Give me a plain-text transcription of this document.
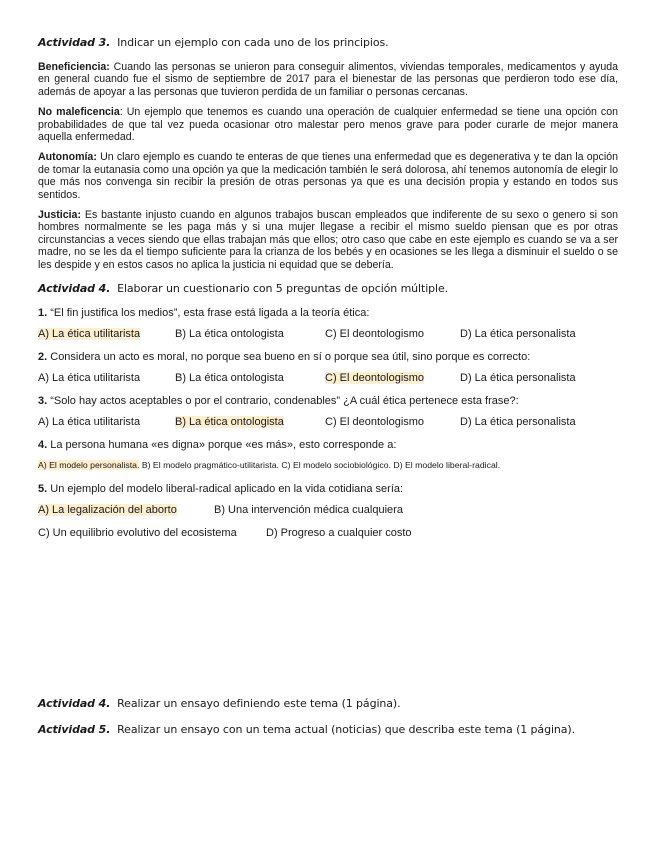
Actividad 3. Indicar un ejemplo con cada uno de los principios.

Beneficiencia: Cuando las personas se unieron para conseguir alimentos, viviendas temporales, medicamentos y ayuda en general cuando fue el sismo de septiembre de 2017 para el bienestar de las personas que perdieron todo ese día, además de apoyar a las personas que tuvieron perdida de un familiar o personas cercanas.

No maleficencia: Un ejemplo que tenemos es cuando una operación de cualquier enfermedad se tiene una opción con probabilidades de que tal vez pueda ocasionar otro malestar pero menos grave para poder curarle de mejor manera aquella enfermedad.

Autonomía: Un claro ejemplo es cuando te enteras de que tienes una enfermedad que es degenerativa y te dan la opción de tomar la eutanasia como una opción ya que la medicación también le será dolorosa, ahí tenemos autonomía de elegir lo que más nos convenga sin recibir la presión de otras personas ya que es una decisión propia y estando en todos sus sentidos.

Justicia: Es bastante injusto cuando en algunos trabajos buscan empleados que indiferente de su sexo o genero si son hombres normalmente se les paga más y si una mujer llegase a recibir el mismo sueldo piensan que es por otras circunstancias a veces siendo que ellas trabajan más que ellos; otro caso que cabe en este ejemplo es cuando se va a ser madre, no se les da el tiempo suficiente para la crianza de los bebés y en ocasiones se les llega a disminuir el sueldo o se les despide y en estos casos no aplica la justicia ni equidad que se debería.

Actividad 4. Elaborar un cuestionario con 5 preguntas de opción múltiple.
1. “El fin justifica los medios”, esta frase está ligada a la teoría ética:
A) La ética utilitarista	B) La ética ontologista	C) El deontologismo	D) La ética personalista
2. Considera un acto es moral, no porque sea bueno en sí o porque sea útil, sino porque es correcto:
A) La ética utilitarista	B) La ética ontologista	C) El deontologismo	D) La ética personalista
3. “Solo hay actos aceptables o por el contrario, condenables” ¿A cuál ética pertenece esta frase?:
A) La ética utilitarista	B) La ética ontologista	C) El deontologismo	D) La ética personalista
4. La persona humana «es digna» porque «es más», esto corresponde a:
A) El modelo personalista. B) El modelo pragmático-utilitarista. C) El modelo sociobiológico. D) El modelo liberal-radical.
5. Un ejemplo del modelo liberal-radical aplicado en la vida cotidiana sería:
A) La legalización del aborto	B) Una intervención médica cualquiera
C) Un equilibrio evolutivo del ecosistema	D) Progreso a cualquier costo
Actividad 4. Realizar un ensayo definiendo este tema (1 página).
Actividad 5. Realizar un ensayo con un tema actual (noticias) que describa este tema (1 página).
